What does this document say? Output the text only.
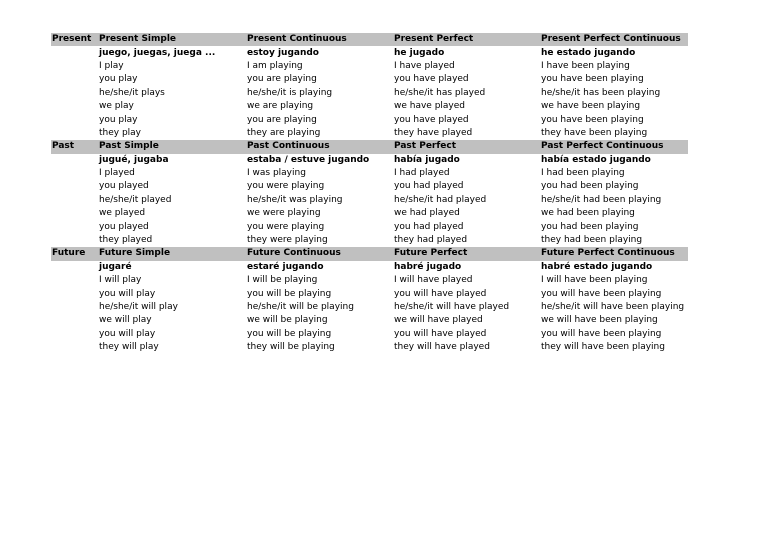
Present	Present Simple	Present Continuous	Present Perfect	Present Perfect Continuous
	juego, juegas, juega ...	estoy jugando	he jugado	he estado jugando
	I play	I am playing	I have played	I have been playing
	you play	you are playing	you have played	you have been playing
	he/she/it plays	he/she/it is playing	he/she/it has played	he/she/it has been playing
	we play	we are playing	we have played	we have been playing
	you play	you are playing	you have played	you have been playing
	they play	they are playing	they have played	they have been playing
Past	Past Simple	Past Continuous	Past Perfect	Past Perfect Continuous
	jugué, jugaba	estaba / estuve jugando	había jugado	había estado jugando
	I played	I was playing	I had played	I had been playing
	you played	you were playing	you had played	you had been playing
	he/she/it played	he/she/it was playing	he/she/it had played	he/she/it had been playing
	we played	we were playing	we had played	we had been playing
	you played	you were playing	you had played	you had been playing
	they played	they were playing	they had played	they had been playing
Future	Future Simple	Future Continuous	Future Perfect	Future Perfect Continuous
	jugaré	estaré jugando	habré jugado	habré estado jugando
	I will play	I will be playing	I will have played	I will have been playing
	you will play	you will be playing	you will have played	you will have been playing
	he/she/it will play	he/she/it will be playing	he/she/it will have played	he/she/it will have been playing
	we will play	we will be playing	we will have played	we will have been playing
	you will play	you will be playing	you will have played	you will have been playing
	they will play	they will be playing	they will have played	they will have been playing
